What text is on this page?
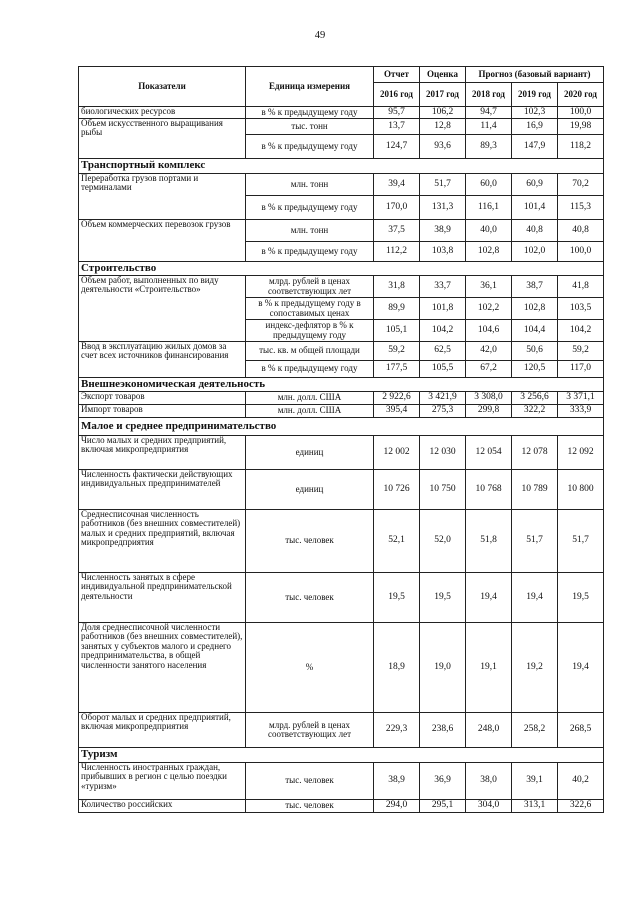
49
Показатели	Единица измерения	Отчет	Оценка	Прогноз (базовый вариант)		
		2016 год	2017 год	2018 год	2019 год	2020 год
биологических ресурсов	в % к предыдущему году	95,7	106,2	94,7	102,3	100,0
Объем искусственного выращивания рыбы	тыс. тонн	13,7	12,8	11,4	16,9	19,98
	в % к предыдущему году	124,7	93,6	89,3	147,9	118,2
Транспортный комплекс						
Переработка грузов портами и терминалами	млн. тонн	39,4	51,7	60,0	60,9	70,2
	в % к предыдущему году	170,0	131,3	116,1	101,4	115,3
Объем коммерческих перевозок грузов	млн. тонн	37,5	38,9	40,0	40,8	40,8
	в % к предыдущему году	112,2	103,8	102,8	102,0	100,0
Строительство						
Объем работ, выполненных по виду деятельности «Строительство»	млрд. рублей в ценах соответствующих лет	31,8	33,7	36,1	38,7	41,8
	в % к предыдущему году в сопоставимых ценах	89,9	101,8	102,2	102,8	103,5
	индекс-дефлятор в % к предыдущему году	105,1	104,2	104,6	104,4	104,2
Ввод в эксплуатацию жилых домов за счет всех источников финансирования	тыс. кв. м общей площади	59,2	62,5	42,0	50,6	59,2
	в % к предыдущему году	177,5	105,5	67,2	120,5	117,0
Внешнеэкономическая деятельность						
Экспорт товаров	млн. долл. США	2 922,6	3 421,9	3 308,0	3 256,6	3 371,1
Импорт товаров	млн. долл. США	395,4	275,3	299,8	322,2	333,9
Малое и среднее предпринимательство						
Число малых и средних предприятий, включая микропредприятия	единиц	12 002	12 030	12 054	12 078	12 092
Численность фактически действующих индивидуальных предпринимателей	единиц	10 726	10 750	10 768	10 789	10 800
Среднесписочная численность работников (без внешних совместителей) малых и средних предприятий, включая микропредприятия	тыс. человек	52,1	52,0	51,8	51,7	51,7
Численность занятых в сфере индивидуальной предпринимательской деятельности	тыс. человек	19,5	19,5	19,4	19,4	19,5
Доля среднесписочной численности работников (без внешних совместителей), занятых у субъектов малого и среднего предпринимательства, в общей численности занятого населения	%	18,9	19,0	19,1	19,2	19,4
Оборот малых и средних предприятий, включая микропредприятия	млрд. рублей в ценах соответствующих лет	229,3	238,6	248,0	258,2	268,5
Туризм						
Численность иностранных граждан, прибывших в регион с целью поездки «туризм»	тыс. человек	38,9	36,9	38,0	39,1	40,2
Количество российских	тыс. человек	294,0	295,1	304,0	313,1	322,6
